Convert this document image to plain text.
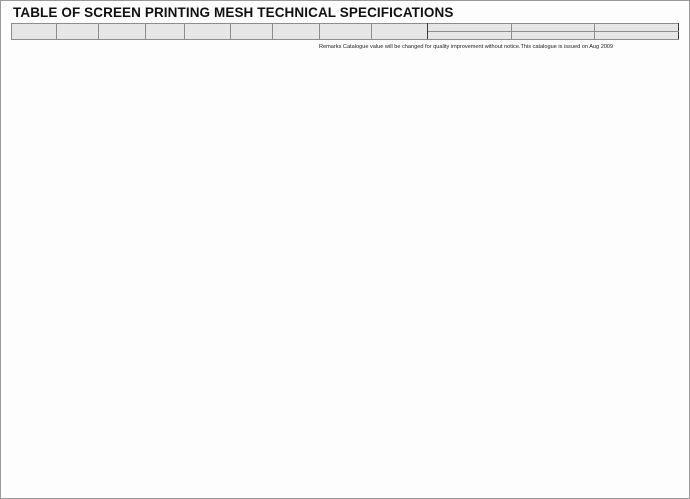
TABLE OF SCREEN PRINTING MESH TECHNICAL SPECIFICATIONS

Remarks Catalogue value will be changed for quality improvement without notice.This catalogue is issued on Aug 2009
